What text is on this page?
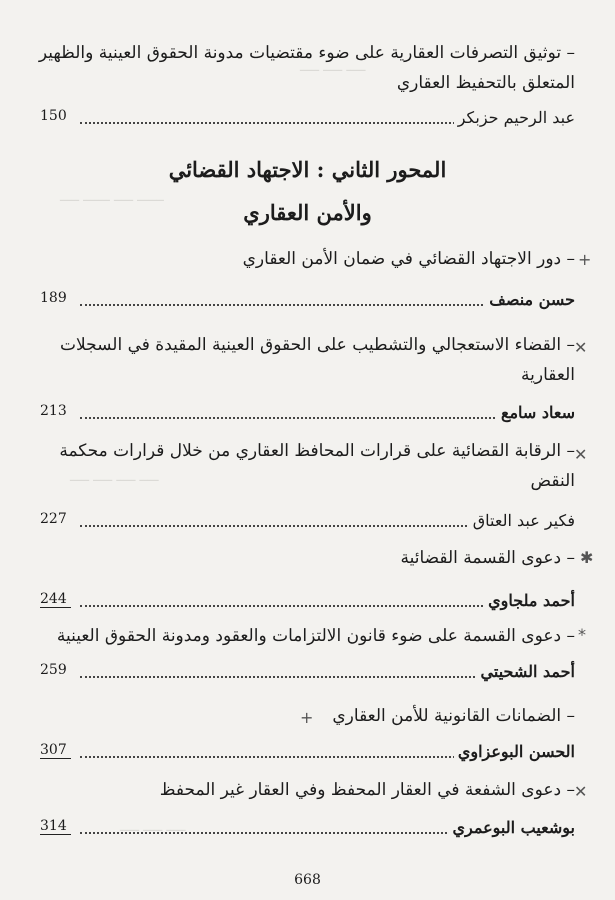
ـــــ ـــــ ـــــ
ـــــــ ـــــ ـــــــ ـــــ
ـــــ ـــــ ـــــ ـــــ
ـــــ ـــــ ـــــ
– توثيق التصرفات العقارية على ضوء مقتضيات مدونة الحقوق العينية والظهير المتعلق بالتحفيظ العقاري
عبد الرحيم حزبكر
150
المحور الثاني : الاجتهاد القضائي
والأمن العقاري
+
– دور الاجتهاد القضائي في ضمان الأمن العقاري
حسن منصف
189
✕
– القضاء الاستعجالي والتشطيب على الحقوق العينية المقيدة في السجلات العقارية
سعاد سامع
213
✕
– الرقابة القضائية على قرارات المحافظ العقاري من خلال قرارات محكمة النقض
فكير عبد العتاق
227
✱
– دعوى القسمة القضائية
أحمد ملجاوي
244
*
– دعوى القسمة على ضوء قانون الالتزامات والعقود ومدونة الحقوق العينية
أحمد الشحيتي
259
+	– الضمانات القانونية للأمن العقاري
الحسن البوعزاوي
307
✕
– دعوى الشفعة في العقار المحفظ وفي العقار غير المحفظ
بوشعيب البوعمري
314
668
